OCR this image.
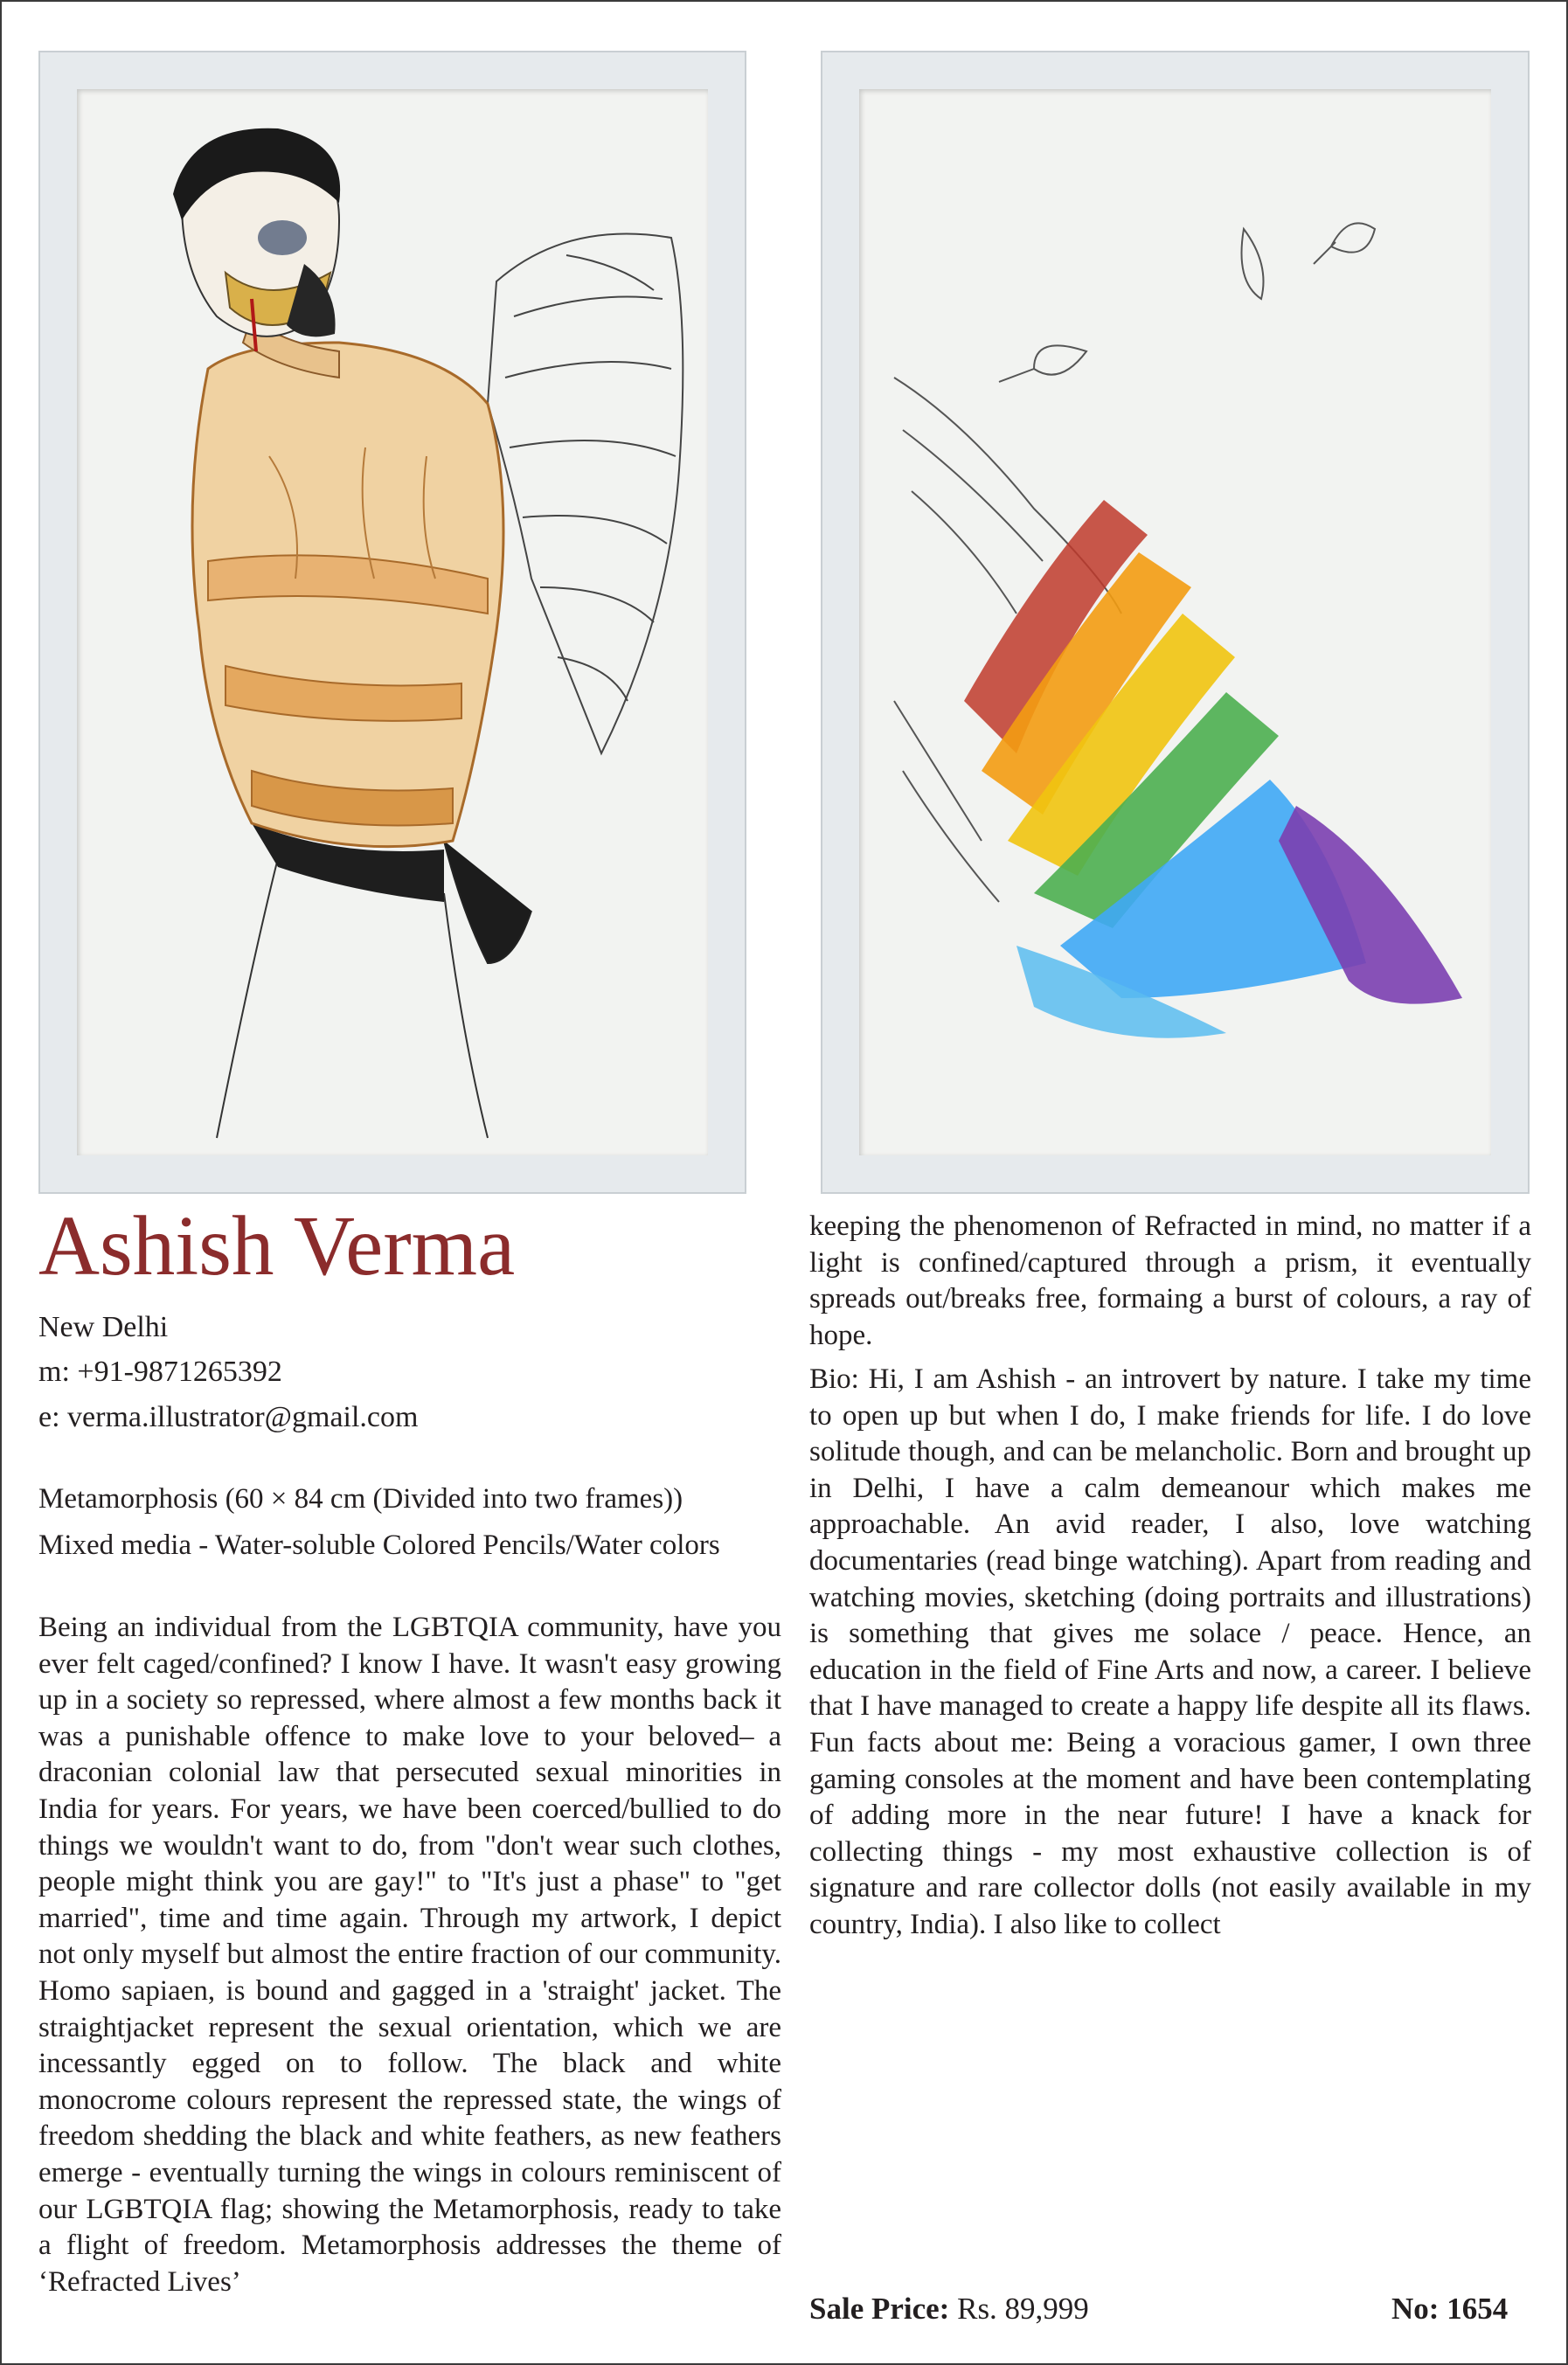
Ashish Verma
New Delhi
m: +91-9871265392
e: verma.illustrator@gmail.com
Metamorphosis (60 × 84 cm (Divided into two frames))
Mixed media - Water-soluble Colored Pencils/Water colors
Being an individual from the LGBTQIA community, have you ever felt caged/confined? I know I have. It wasn't easy growing up in a society so repressed, where almost a few months back it was a punishable offence to make love to your beloved– a draconian colonial law that persecuted sexual minorities in India for years. For years, we have been coerced/bullied to do things we wouldn't want to do, from "don't wear such clothes, people might think you are gay!" to "It's just a phase" to "get married", time and time again. Through my artwork, I depict not only myself but almost the entire fraction of our community. Homo sapiaen, is bound and gagged in a 'straight' jacket. The straightjacket represent the sexual orientation, which we are incessantly egged on to follow. The black and white monocrome colours represent the repressed state, the wings of freedom shedding the black and white feathers, as new feathers emerge - eventually turning the wings in colours reminiscent of our LGBTQIA flag; showing the Metamorphosis, ready to take a flight of freedom. Metamorphosis addresses the theme of ‘Refracted Lives’
keeping the phenomenon of Refracted in mind, no matter if a light is confined/captured through a prism, it eventually spreads out/breaks free, formaing a burst of colours, a ray of hope.
Bio: Hi, I am Ashish - an introvert by nature. I take my time to open up but when I do, I make friends for life. I do love solitude though, and can be melancholic. Born and brought up in Delhi, I have a calm demeanour which makes me approachable. An avid reader, I also, love watching documentaries (read binge watching). Apart from reading and watching movies, sketching (doing portraits and illustrations) is something that gives me solace / peace. Hence, an education in the field of Fine Arts and now, a career. I believe that I have managed to create a happy life despite all its flaws. Fun facts about me: Being a voracious gamer, I own three gaming consoles at the moment and have been contemplating of adding more in the near future! I have a knack for collecting things - my most exhaustive collection is of signature and rare collector dolls (not easily available in my country, India). I also like to collect
Sale Price: Rs. 89,999	No: 1654
